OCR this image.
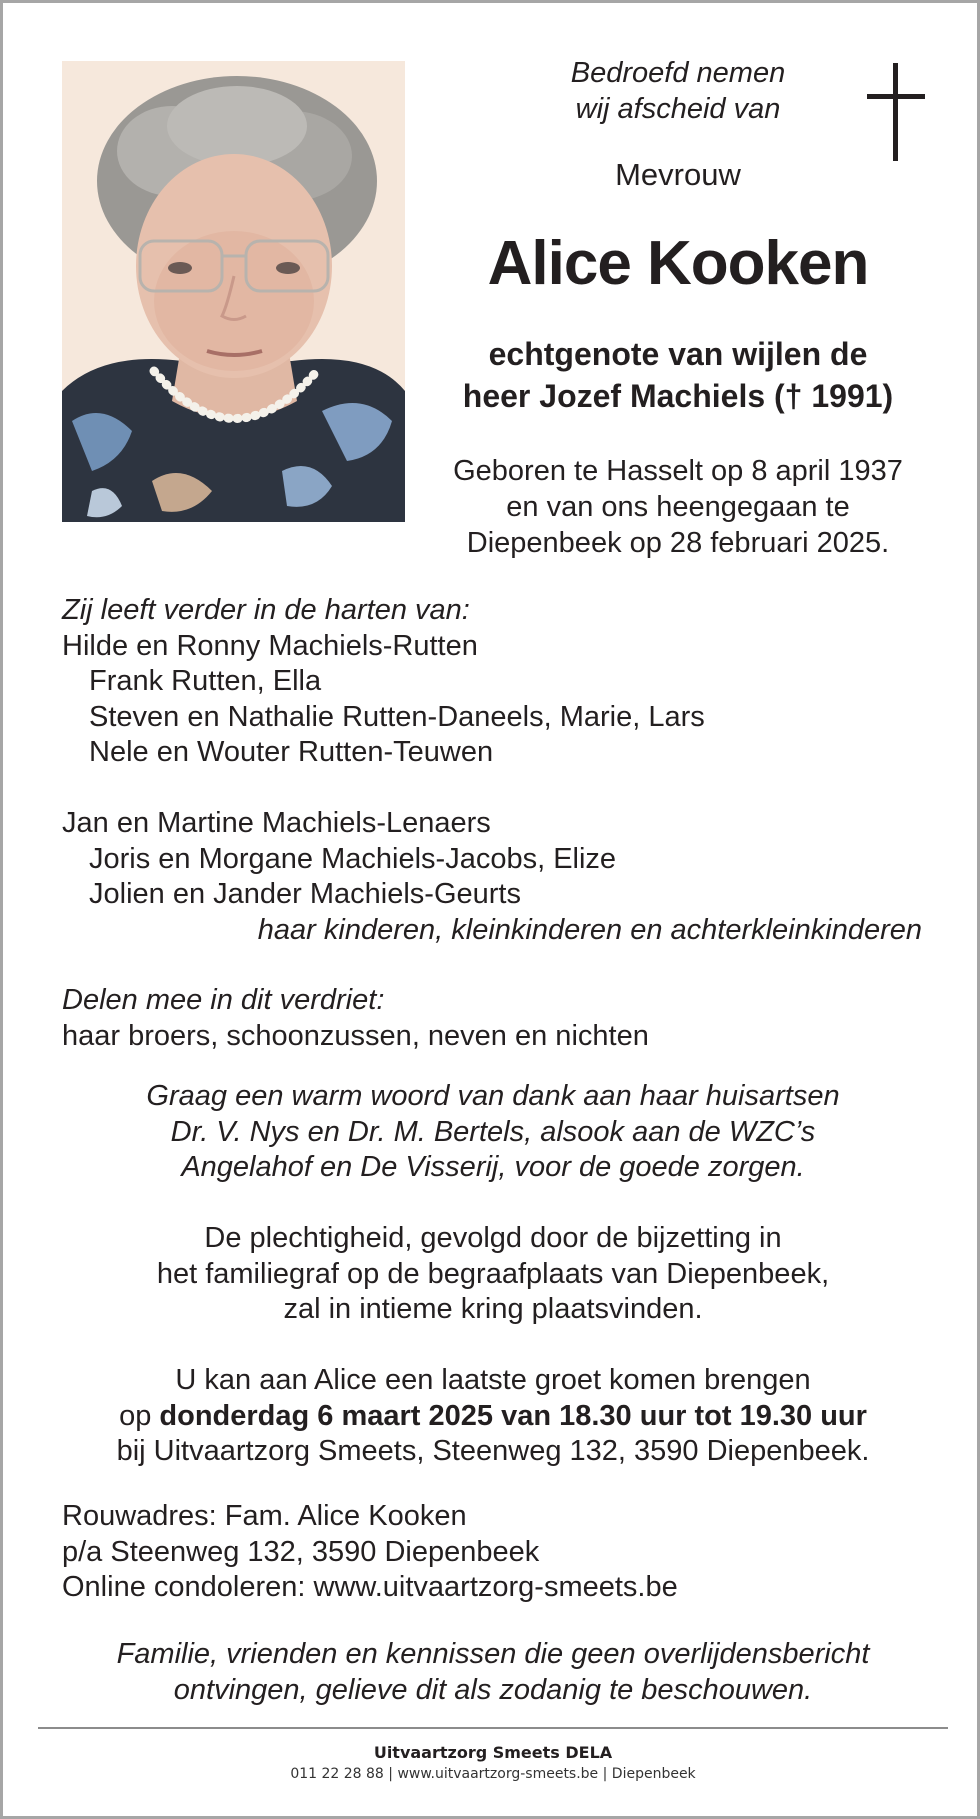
Bedroefd nemen
wij afscheid van
Mevrouw
Alice Kooken
echtgenote van wijlen de
heer Jozef Machiels († 1991)
Geboren te Hasselt op 8 april 1937
en van ons heengegaan te
Diepenbeek op 28 februari 2025.
Zij leeft verder in de harten van:
Hilde en Ronny Machiels-Rutten
Frank Rutten, Ella
Steven en Nathalie Rutten-Daneels, Marie, Lars
Nele en Wouter Rutten-Teuwen
Jan en Martine Machiels-Lenaers
Joris en Morgane Machiels-Jacobs, Elize
Jolien en Jander Machiels-Geurts
haar kinderen, kleinkinderen en achterkleinkinderen
Delen mee in dit verdriet:
haar broers, schoonzussen, neven en nichten
Graag een warm woord van dank aan haar huisartsen
Dr. V. Nys en Dr. M. Bertels, alsook aan de WZC’s
Angelahof en De Visserij, voor de goede zorgen.
De plechtigheid, gevolgd door de bijzetting in
het familiegraf op de begraafplaats van Diepenbeek,
zal in intieme kring plaatsvinden.
U kan aan Alice een laatste groet komen brengen
op donderdag 6 maart 2025 van 18.30 uur tot 19.30 uur
bij Uitvaartzorg Smeets, Steenweg 132, 3590 Diepenbeek.
Rouwadres: Fam. Alice Kooken
p/a Steenweg 132, 3590 Diepenbeek
Online condoleren: www.uitvaartzorg-smeets.be
Familie, vrienden en kennissen die geen overlijdensbericht
ontvingen, gelieve dit als zodanig te beschouwen.
Uitvaartzorg Smeets DELA
011 22 28 88 | www.uitvaartzorg-smeets.be | Diepenbeek
